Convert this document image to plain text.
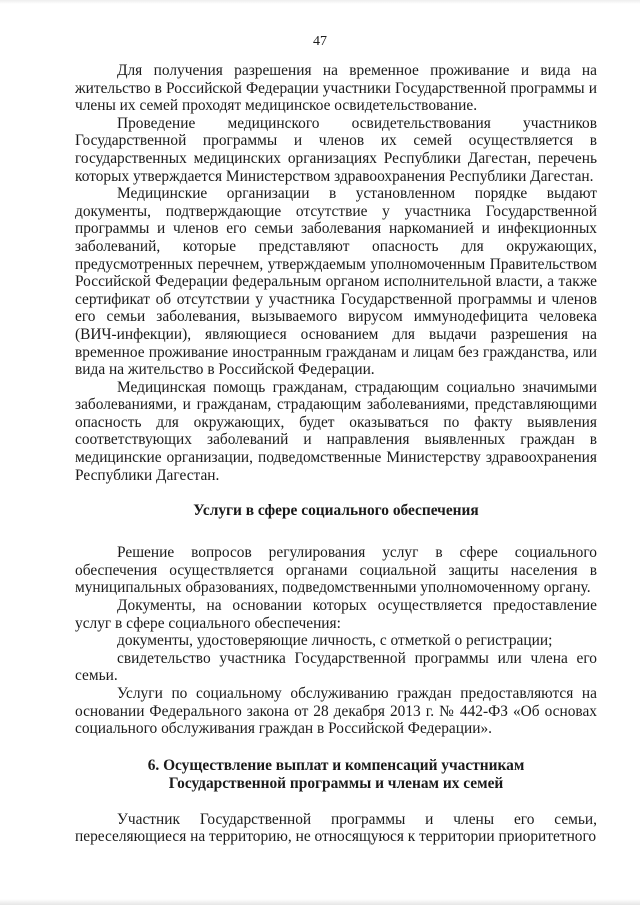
47

Для получения разрешения на временное проживание и вида на жительство в Российской Федерации участники Государственной программы и члены их семей проходят медицинское освидетельствование.

Проведение медицинского освидетельствования участников Государственной программы и членов их семей осуществляется в государственных медицинских организациях Республики Дагестан, перечень которых утверждается Министерством здравоохранения Республики Дагестан.

Медицинские организации в установленном порядке выдают документы, подтверждающие отсутствие у участника Государственной программы и членов его семьи заболевания наркоманией и инфекционных заболеваний, которые представляют опасность для окружающих, предусмотренных перечнем, утверждаемым уполномоченным Правительством Российской Федерации федеральным органом исполнительной власти, а также сертификат об отсутствии у участника Государственной программы и членов его семьи заболевания, вызываемого вирусом иммунодефицита человека (ВИЧ-инфекции), являющиеся основанием для выдачи разрешения на временное проживание иностранным гражданам и лицам без гражданства, или вида на жительство в Российской Федерации.

Медицинская помощь гражданам, страдающим социально значимыми заболеваниями, и гражданам, страдающим заболеваниями, представляющими опасность для окружающих, будет оказываться по факту выявления соответствующих заболеваний и направления выявленных граждан в медицинские организации, подведомственные Министерству здравоохранения Республики Дагестан.

Услуги в сфере социального обеспечения

Решение вопросов регулирования услуг в сфере социального обеспечения осуществляется органами социальной защиты населения в муниципальных образованиях, подведомственными уполномоченному органу.

Документы, на основании которых осуществляется предоставление услуг в сфере социального обеспечения:

документы, удостоверяющие личность, с отметкой о регистрации;

свидетельство участника Государственной программы или члена его семьи.

Услуги по социальному обслуживанию граждан предоставляются на основании Федерального закона от 28 декабря 2013 г. № 442-ФЗ «Об основах социального обслуживания граждан в Российской Федерации».

6. Осуществление выплат и компенсаций участникам
Государственной программы и членам их семей

Участник Государственной программы и члены его семьи, переселяющиеся на территорию, не относящуюся к территории приоритетного
